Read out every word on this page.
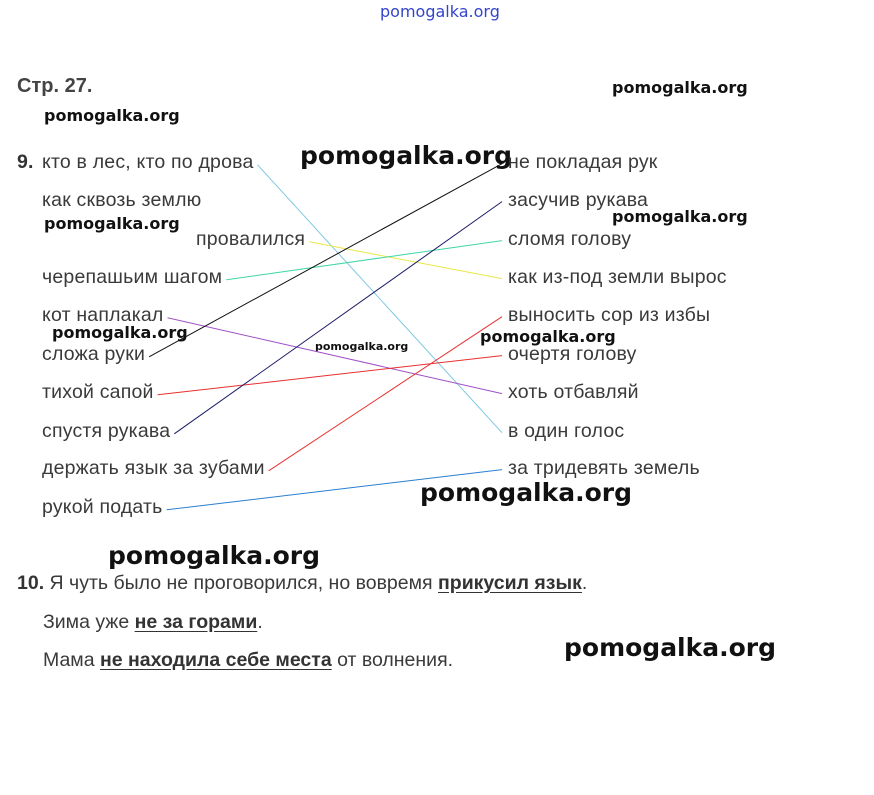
pomogalka.org
pomogalka.org
pomogalka.org
pomogalka.org
pomogalka.org	pomogalka.org
pomogalka.org	pomogalka.org
pomogalka.org
pomogalka.org
pomogalka.org
pomogalka.org
Стр. 27.
9. кто в лес, кто по дрова
как сквозь землю
провалился
черепашьим шагом
кот наплакал
сложа руки
тихой сапой
спустя рукава
держать язык за зубами
рукой подать
не покладая рук
засучив рукава
сломя голову
как из-под земли вырос
выносить сор из избы
очертя голову
хоть отбавляй
в один голос
за тридевять земель
10. Я чуть было не проговорился, но вовремя прикусил язык.
Зима уже не за горами.
Мама не находила себе места от волнения.
